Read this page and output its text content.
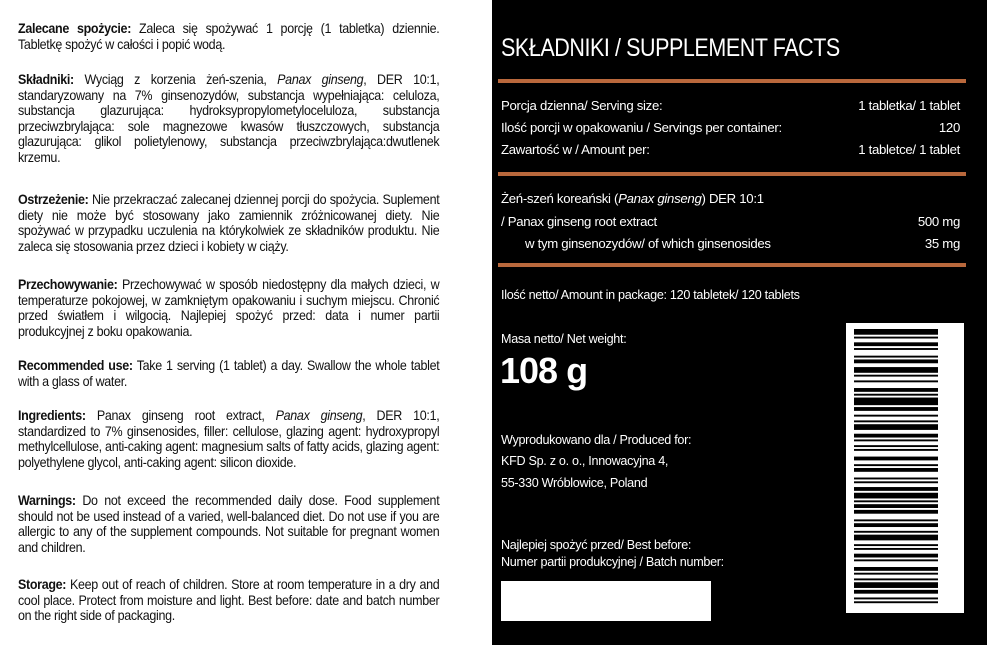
Zalecane spożycie: Zaleca się spożywać 1 porcję (1 tabletka) dziennie. Tabletkę spożyć w całości i popić wodą.

Składniki: Wyciąg z korzenia żeń-szenia, Panax ginseng, DER 10:1, standaryzowany na 7% ginsenozydów, substancja wypełniająca: celuloza, substancja glazurująca: hydroksypropylometyloceluloza, substancja przeciwzbrylająca: sole magnezowe kwasów tłuszczowych, substancja glazurująca: glikol polietylenowy, substancja przeciwzbrylająca:dwutlenek krzemu.

Ostrzeżenie: Nie przekraczać zalecanej dziennej porcji do spożycia. Suplement diety nie może być stosowany jako zamiennik zróżnicowanej diety. Nie spożywać w przypadku uczulenia na którykolwiek ze składników produktu. Nie zaleca się stosowania przez dzieci i kobiety w ciąży.

Przechowywanie: Przechowywać w sposób niedostępny dla małych dzieci, w temperaturze pokojowej, w zamkniętym opakowaniu i suchym miejscu. Chronić przed światłem i wilgocią. Najlepiej spożyć przed: data i numer partii produkcyjnej z boku opakowania.

Recommended use: Take 1 serving (1 tablet) a day. Swallow the whole tablet with a glass of water.

Ingredients: Panax ginseng root extract, Panax ginseng, DER 10:1, standardized to 7% ginsenosides, filler: cellulose, glazing agent: hydroxypropyl methylcellulose, anti-caking agent: magnesium salts of fatty acids, glazing agent: polyethylene glycol, anti-caking agent: silicon dioxide.

Warnings: Do not exceed the recommended daily dose. Food supplement should not be used instead of a varied, well-balanced diet. Do not use if you are allergic to any of the supplement compounds. Not suitable for pregnant women and children.

Storage: Keep out of reach of children. Store at room temperature in a dry and cool place. Protect from moisture and light. Best before: date and batch number on the right side of packaging.

SKŁADNIKI / SUPPLEMENT FACTS
Porcja dzienna/ Serving size:	1 tabletka/ 1 tablet
Ilość porcji w opakowaniu / Servings per container:	120
Zawartość w / Amount per:	1 tabletce/ 1 tablet
Żeń-szeń koreański (Panax ginseng) DER 10:1
/ Panax ginseng root extract	500 mg
w tym ginsenozydów/ of which ginsenosides	35 mg
Ilość netto/ Amount in package: 120 tabletek/ 120 tablets
Masa netto/ Net weight:
108 g
Wyprodukowano dla / Produced for:
KFD Sp. z o. o., Innowacyjna 4,
55-330 Wróblowice, Poland
Najlepiej spożyć przed/ Best before:
Numer partii produkcyjnej / Batch number:	5901947666975
